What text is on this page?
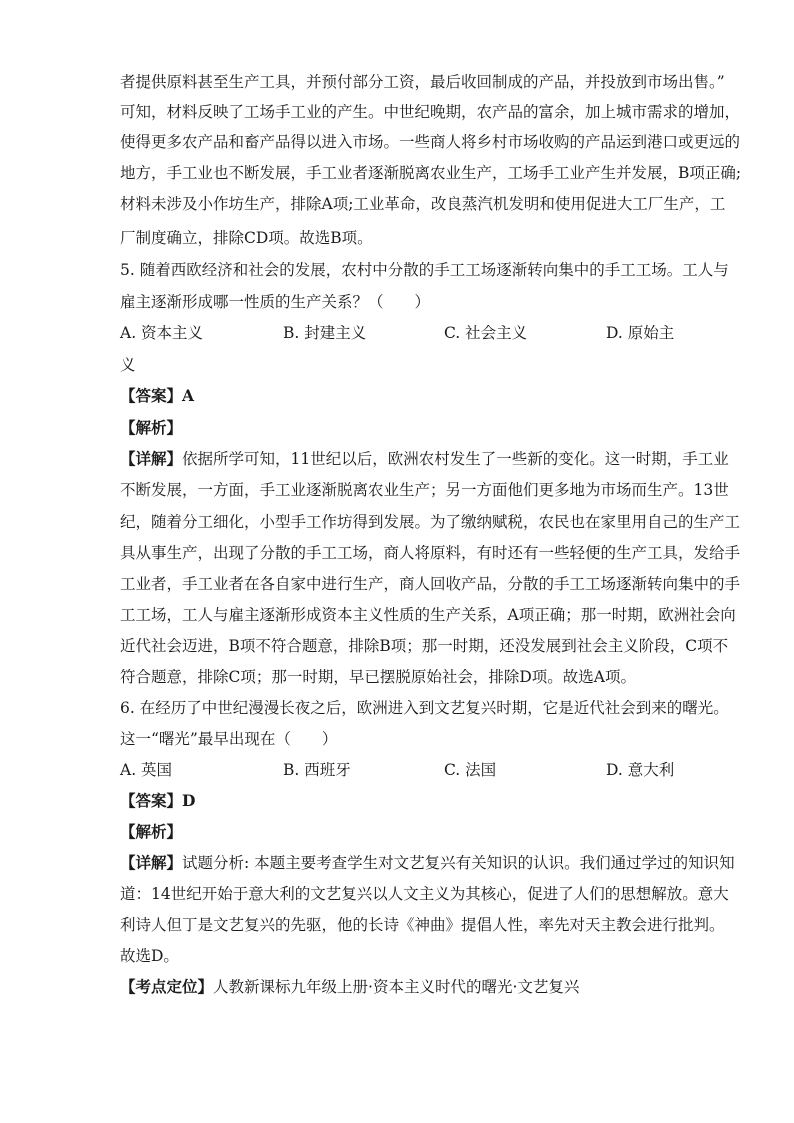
者提供原料甚至生产工具，并预付部分工资，最后收回制成的产品，并投放到市场出售。”
可知，材料反映了工场手工业的产生。中世纪晚期，农产品的富余，加上城市需求的增加，
使得更多农产品和畜产品得以进入市场。一些商人将乡村市场收购的产品运到港口或更远的
地方，手工业也不断发展，手工业者逐渐脱离农业生产，工场手工业产生并发展，B项正确;
材料未涉及小作坊生产，排除A项;工业革命，改良蒸汽机发明和使用促进大工厂生产，工
厂制度确立，排除CD项。故选B项。
5. 随着西欧经济和社会的发展，农村中分散的手工工场逐渐转向集中的手工工场。工人与
雇主逐渐形成哪一性质的生产关系？（　　）
A. 资本主义	B. 封建主义	C. 社会主义	D. 原始主
义
【答案】A
【解析】
【详解】依据所学可知，11世纪以后，欧洲农村发生了一些新的变化。这一时期，手工业
不断发展，一方面，手工业逐渐脱离农业生产；另一方面他们更多地为市场而生产。13世
纪，随着分工细化，小型手工作坊得到发展。为了缴纳赋税，农民也在家里用自己的生产工
具从事生产，出现了分散的手工工场，商人将原料，有时还有一些轻便的生产工具，发给手
工业者，手工业者在各自家中进行生产，商人回收产品，分散的手工工场逐渐转向集中的手
工工场，工人与雇主逐渐形成资本主义性质的生产关系，A项正确；那一时期，欧洲社会向
近代社会迈进，B项不符合题意，排除B项；那一时期，还没发展到社会主义阶段，C项不
符合题意，排除C项；那一时期，早已摆脱原始社会，排除D项。故选A项。
6. 在经历了中世纪漫漫长夜之后，欧洲进入到文艺复兴时期，它是近代社会到来的曙光。
这一“曙光”最早出现在（　　）
A. 英国	B. 西班牙	C. 法国	D. 意大利
【答案】D
【解析】
【详解】试题分析: 本题主要考查学生对文艺复兴有关知识的认识。我们通过学过的知识知
道：14世纪开始于意大利的文艺复兴以人文主义为其核心，促进了人们的思想解放。意大
利诗人但丁是文艺复兴的先驱，他的长诗《神曲》提倡人性，率先对天主教会进行批判。
故选D。
【考点定位】人教新课标九年级上册·资本主义时代的曙光·文艺复兴
